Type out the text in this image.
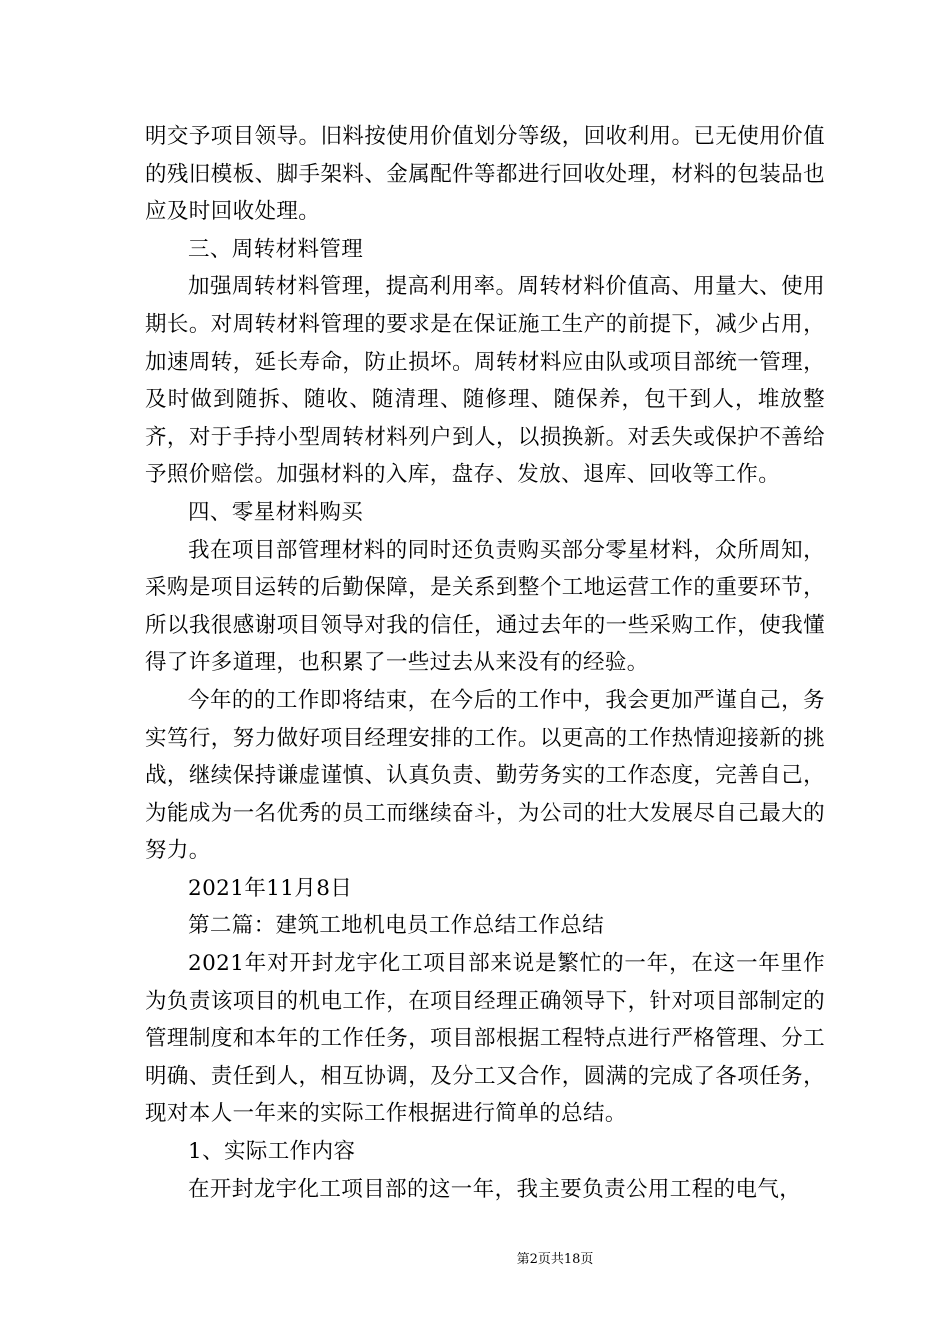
明交予项目领导。旧料按使用价值划分等级，回收利用。已无使用价值的残旧模板、脚手架料、金属配件等都进行回收处理，材料的包装品也应及时回收处理。

三、周转材料管理

加强周转材料管理，提高利用率。周转材料价值高、用量大、使用期长。对周转材料管理的要求是在保证施工生产的前提下，减少占用，加速周转，延长寿命，防止损坏。周转材料应由队或项目部统一管理，及时做到随拆、随收、随清理、随修理、随保养，包干到人，堆放整齐，对于手持小型周转材料列户到人，以损换新。对丢失或保护不善给予照价赔偿。加强材料的入库，盘存、发放、退库、回收等工作。

四、零星材料购买

我在项目部管理材料的同时还负责购买部分零星材料，众所周知，采购是项目运转的后勤保障，是关系到整个工地运营工作的重要环节，所以我很感谢项目领导对我的信任，通过去年的一些采购工作，使我懂得了许多道理，也积累了一些过去从来没有的经验。

今年的的工作即将结束，在今后的工作中，我会更加严谨自己，务实笃行，努力做好项目经理安排的工作。以更高的工作热情迎接新的挑战，继续保持谦虚谨慎、认真负责、勤劳务实的工作态度，完善自己，为能成为一名优秀的员工而继续奋斗，为公司的壮大发展尽自己最大的努力。

2021年11月8日

第二篇：建筑工地机电员工作总结工作总结

2021年对开封龙宇化工项目部来说是繁忙的一年，在这一年里作为负责该项目的机电工作，在项目经理正确领导下，针对项目部制定的管理制度和本年的工作任务，项目部根据工程特点进行严格管理、分工明确、责任到人，相互协调，及分工又合作，圆满的完成了各项任务，现对本人一年来的实际工作根据进行简单的总结。

1、实际工作内容

在开封龙宇化工项目部的这一年，我主要负责公用工程的电气，

第2页共18页
